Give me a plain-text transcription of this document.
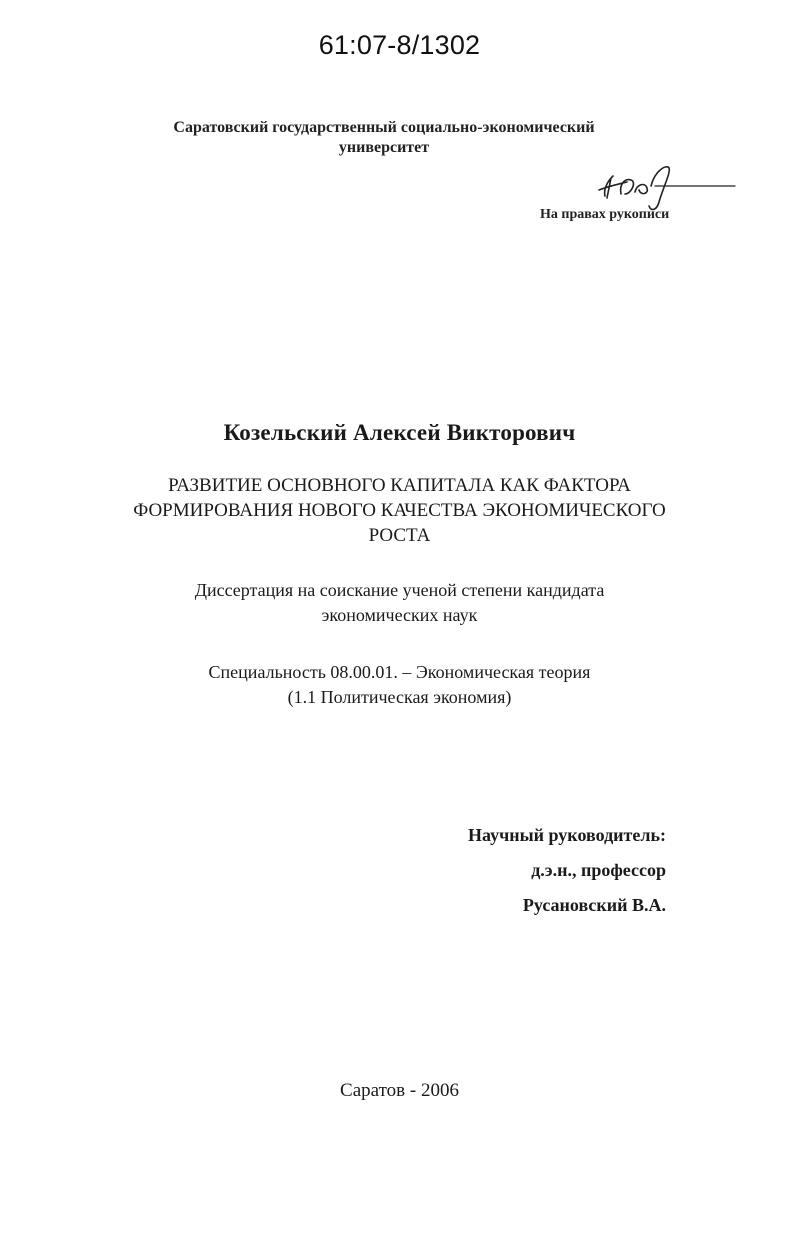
61:07-8/1302
Саратовский государственный социально-экономический
университет
На правах рукописи
Козельский Алексей Викторович
РАЗВИТИЕ ОСНОВНОГО КАПИТАЛА КАК ФАКТОРА
ФОРМИРОВАНИЯ НОВОГО КАЧЕСТВА ЭКОНОМИЧЕСКОГО
РОСТА
Диссертация на соискание ученой степени кандидата
экономических наук
Специальность 08.00.01. – Экономическая теория
(1.1 Политическая экономия)
Научный руководитель:
д.э.н., профессор
Русановский В.А.
Саратов - 2006
